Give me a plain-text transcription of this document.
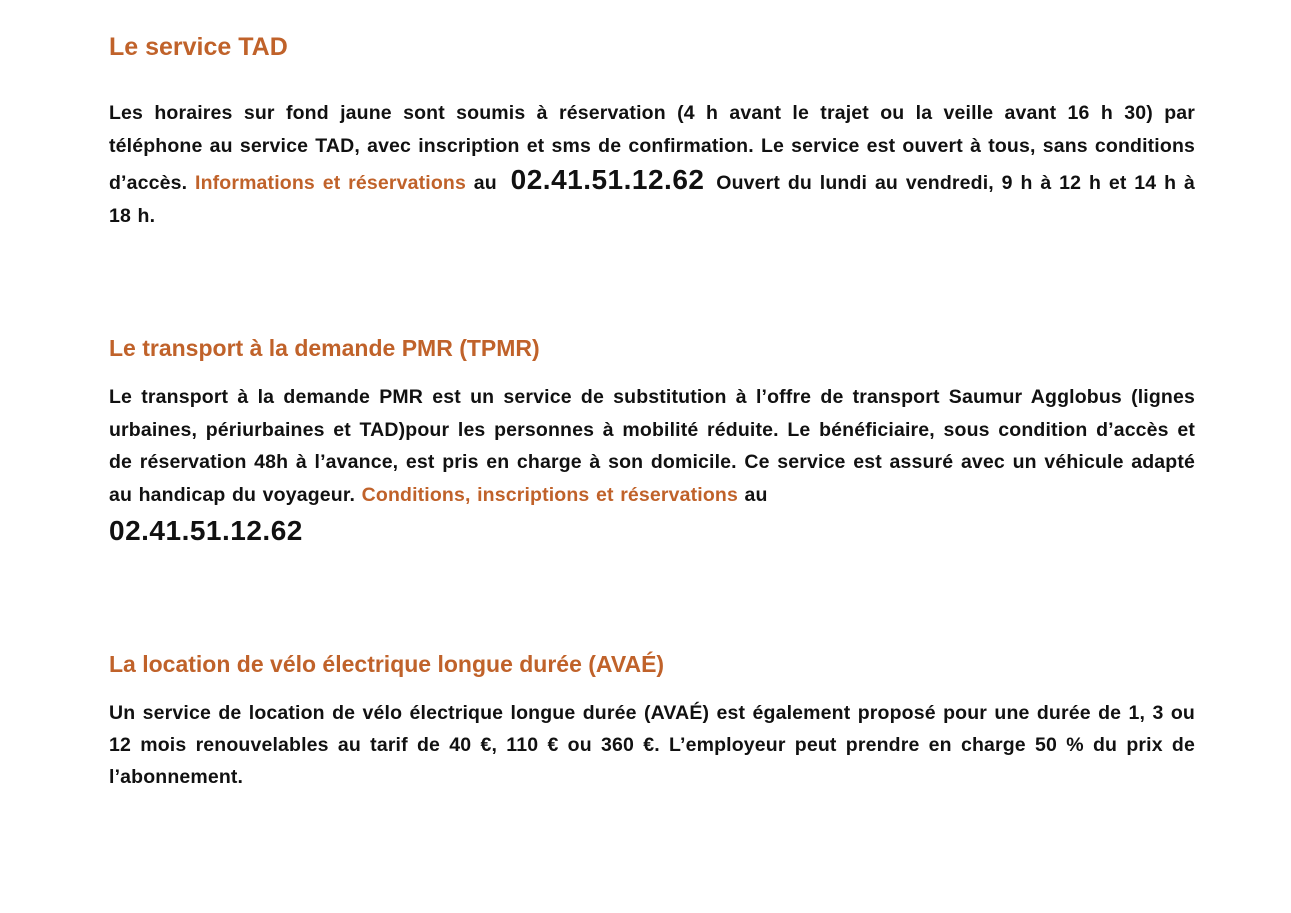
Le service TAD

Les horaires sur fond jaune sont soumis à réservation (4 h avant le trajet ou la veille avant 16 h 30) par téléphone au service TAD, avec inscription et sms de confirmation. Le service est ouvert à tous, sans conditions d’accès. Informations et réservations au 02.41.51.12.62 Ouvert du lundi au vendredi, 9 h à 12 h et 14 h à 18 h.

Le transport à la demande PMR (TPMR)

Le transport à la demande PMR est un service de substitution à l’offre de transport Saumur Agglobus (lignes urbaines, périurbaines et TAD)pour les personnes à mobilité réduite. Le bénéficiaire, sous condition d’accès et de réservation 48h à l’avance, est pris en charge à son domicile. Ce service est assuré avec un véhicule adapté au handicap du voyageur. Conditions, inscriptions et réservations au
02.41.51.12.62

La location de vélo électrique longue durée (AVAÉ)

Un service de location de vélo électrique longue durée (AVAÉ) est également proposé pour une durée de 1, 3 ou 12 mois renouvelables au tarif de 40 €, 110 € ou 360 €. L’employeur peut prendre en charge 50 % du prix de l’abonnement.
